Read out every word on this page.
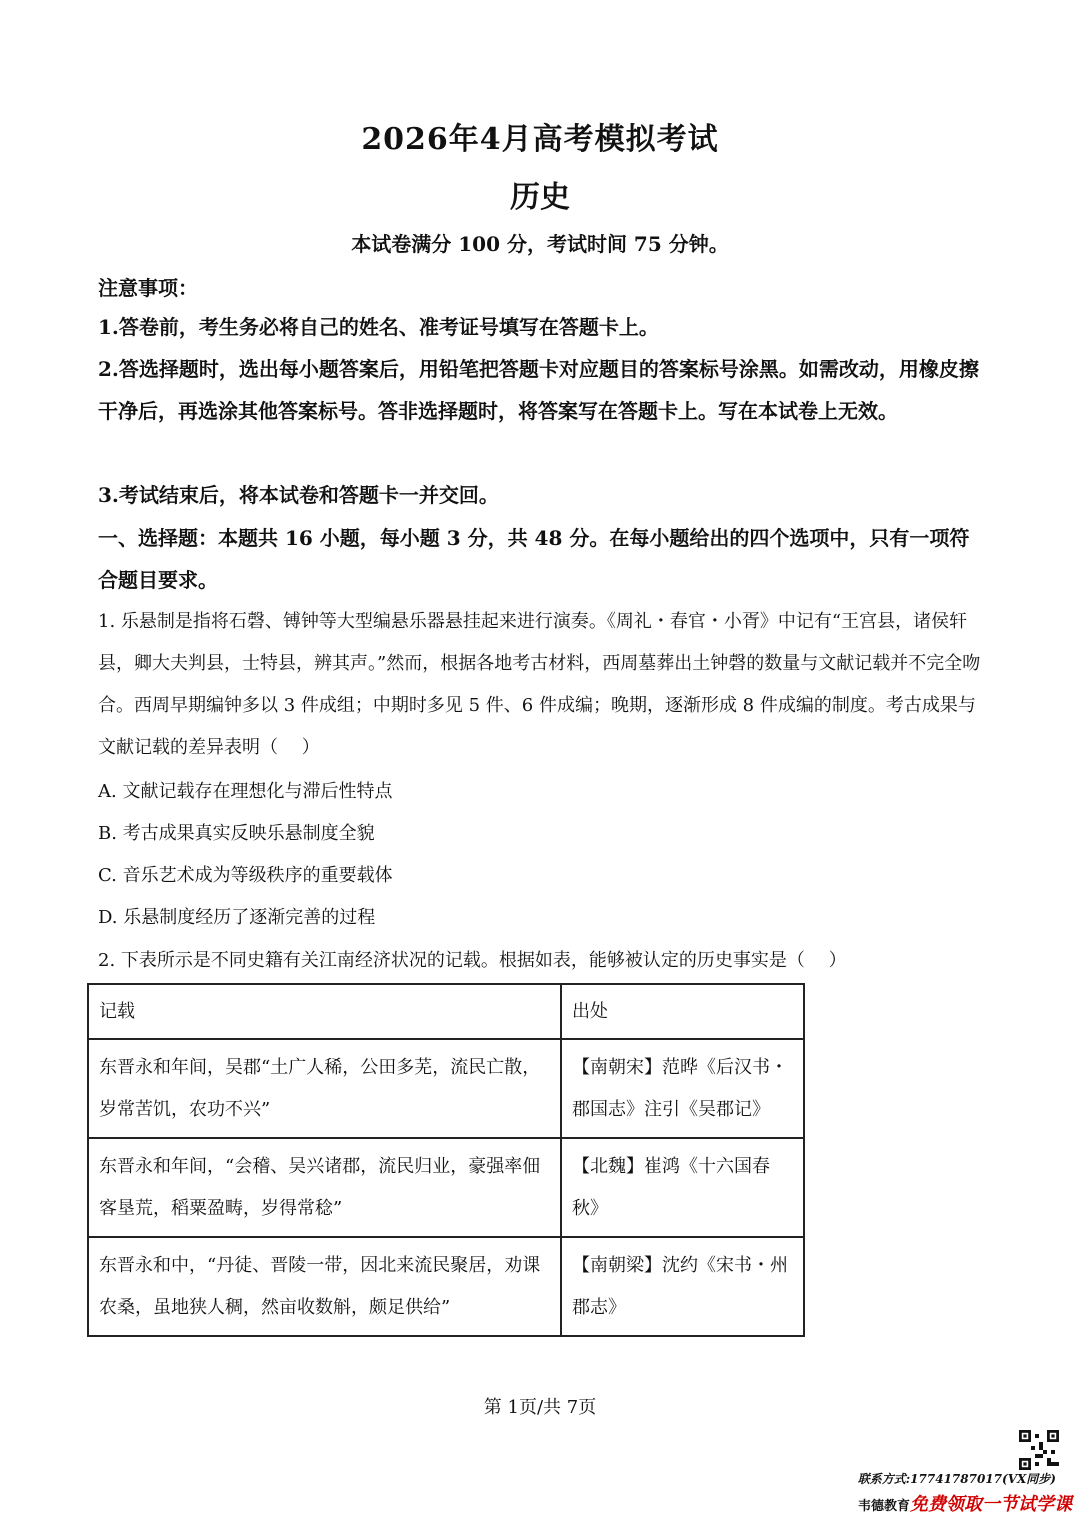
2026年4月高考模拟考试
历史
本试卷满分 100 分，考试时间 75 分钟。
注意事项：
1.答卷前，考生务必将自己的姓名、准考证号填写在答题卡上。
2.答选择题时，选出每小题答案后，用铅笔把答题卡对应题目的答案标号涂黑。如需改动，用橡皮擦干净后，再选涂其他答案标号。答非选择题时，将答案写在答题卡上。写在本试卷上无效。
3.考试结束后，将本试卷和答题卡一并交回。
一、选择题：本题共 16 小题，每小题 3 分，共 48 分。在每小题给出的四个选项中，只有一项符合题目要求。
1. 乐悬制是指将石磬、镈钟等大型编悬乐器悬挂起来进行演奏。《周礼・春官・小胥》中记有“王宫县，诸侯轩县，卿大夫判县，士特县，辨其声。”然而，根据各地考古材料，西周墓葬出土钟磬的数量与文献记载并不完全吻合。西周早期编钟多以 3 件成组；中期时多见 5 件、6 件成编；晚期，逐渐形成 8 件成编的制度。考古成果与文献记载的差异表明（　 ）
A. 文献记载存在理想化与滞后性特点
B. 考古成果真实反映乐悬制度全貌
C. 音乐艺术成为等级秩序的重要载体
D. 乐悬制度经历了逐渐完善的过程
2. 下表所示是不同史籍有关江南经济状况的记载。根据如表，能够被认定的历史事实是（　 ）
记载	出处
东晋永和年间，吴郡“土广人稀，公田多芜，流民亡散，岁常苦饥，农功不兴”	【南朝宋】范晔《后汉书・郡国志》注引《吴郡记》
东晋永和年间，“会稽、吴兴诸郡，流民归业，豪强率佃客垦荒，稻粟盈畴，岁得常稔”	【北魏】崔鸿《十六国春秋》
东晋永和中，“丹徒、晋陵一带，因北来流民聚居，劝课农桑，虽地狭人稠，然亩收数斛，颇足供给”	【南朝梁】沈约《宋书・州郡志》
第 1页/共 7页
联系方式:17741787017(VX同步)
韦德教育免费领取一节试学课
